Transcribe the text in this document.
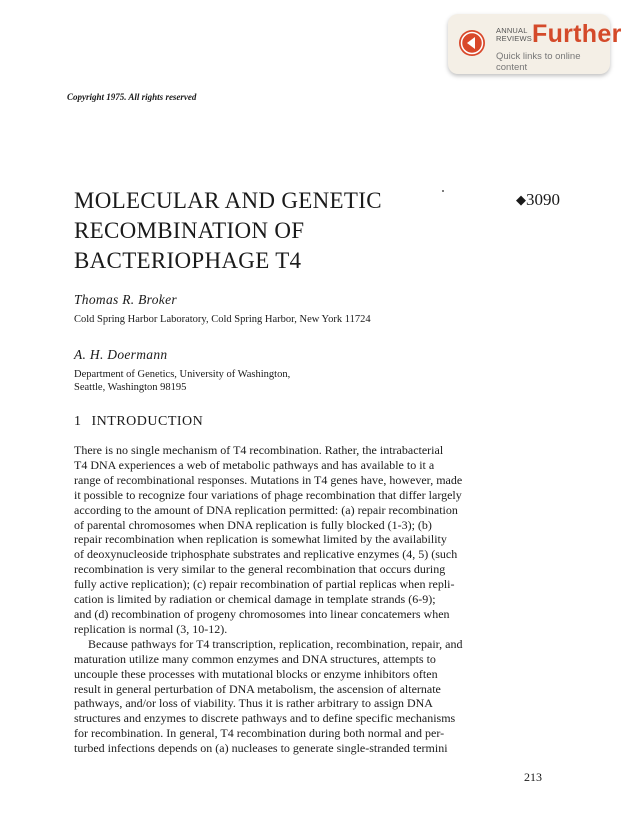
ANNUAL
REVIEWS Further
Quick links to online content
Copyright 1975. All rights reserved
MOLECULAR AND GENETIC
RECOMBINATION OF
BACTERIOPHAGE T4
◆3090
Thomas R. Broker
Cold Spring Harbor Laboratory, Cold Spring Harbor, New York 11724
A. H. Doermann
Department of Genetics, University of Washington,
Seattle, Washington 98195
1 INTRODUCTION
There is no single mechanism of T4 recombination. Rather, the intrabacterial
T4 DNA experiences a web of metabolic pathways and has available to it a
range of recombinational responses. Mutations in T4 genes have, however, made
it possible to recognize four variations of phage recombination that differ largely
according to the amount of DNA replication permitted: (a) repair recombination
of parental chromosomes when DNA replication is fully blocked (1-3); (b)
repair recombination when replication is somewhat limited by the availability
of deoxynucleoside triphosphate substrates and replicative enzymes (4, 5) (such
recombination is very similar to the general recombination that occurs during
fully active replication); (c) repair recombination of partial replicas when repli-
cation is limited by radiation or chemical damage in template strands (6-9);
and (d) recombination of progeny chromosomes into linear concatemers when
replication is normal (3, 10-12).
Because pathways for T4 transcription, replication, recombination, repair, and
maturation utilize many common enzymes and DNA structures, attempts to
uncouple these processes with mutational blocks or enzyme inhibitors often
result in general perturbation of DNA metabolism, the ascension of alternate
pathways, and/or loss of viability. Thus it is rather arbitrary to assign DNA
structures and enzymes to discrete pathways and to define specific mechanisms
for recombination. In general, T4 recombination during both normal and per-
turbed infections depends on (a) nucleases to generate single-stranded termini
213
